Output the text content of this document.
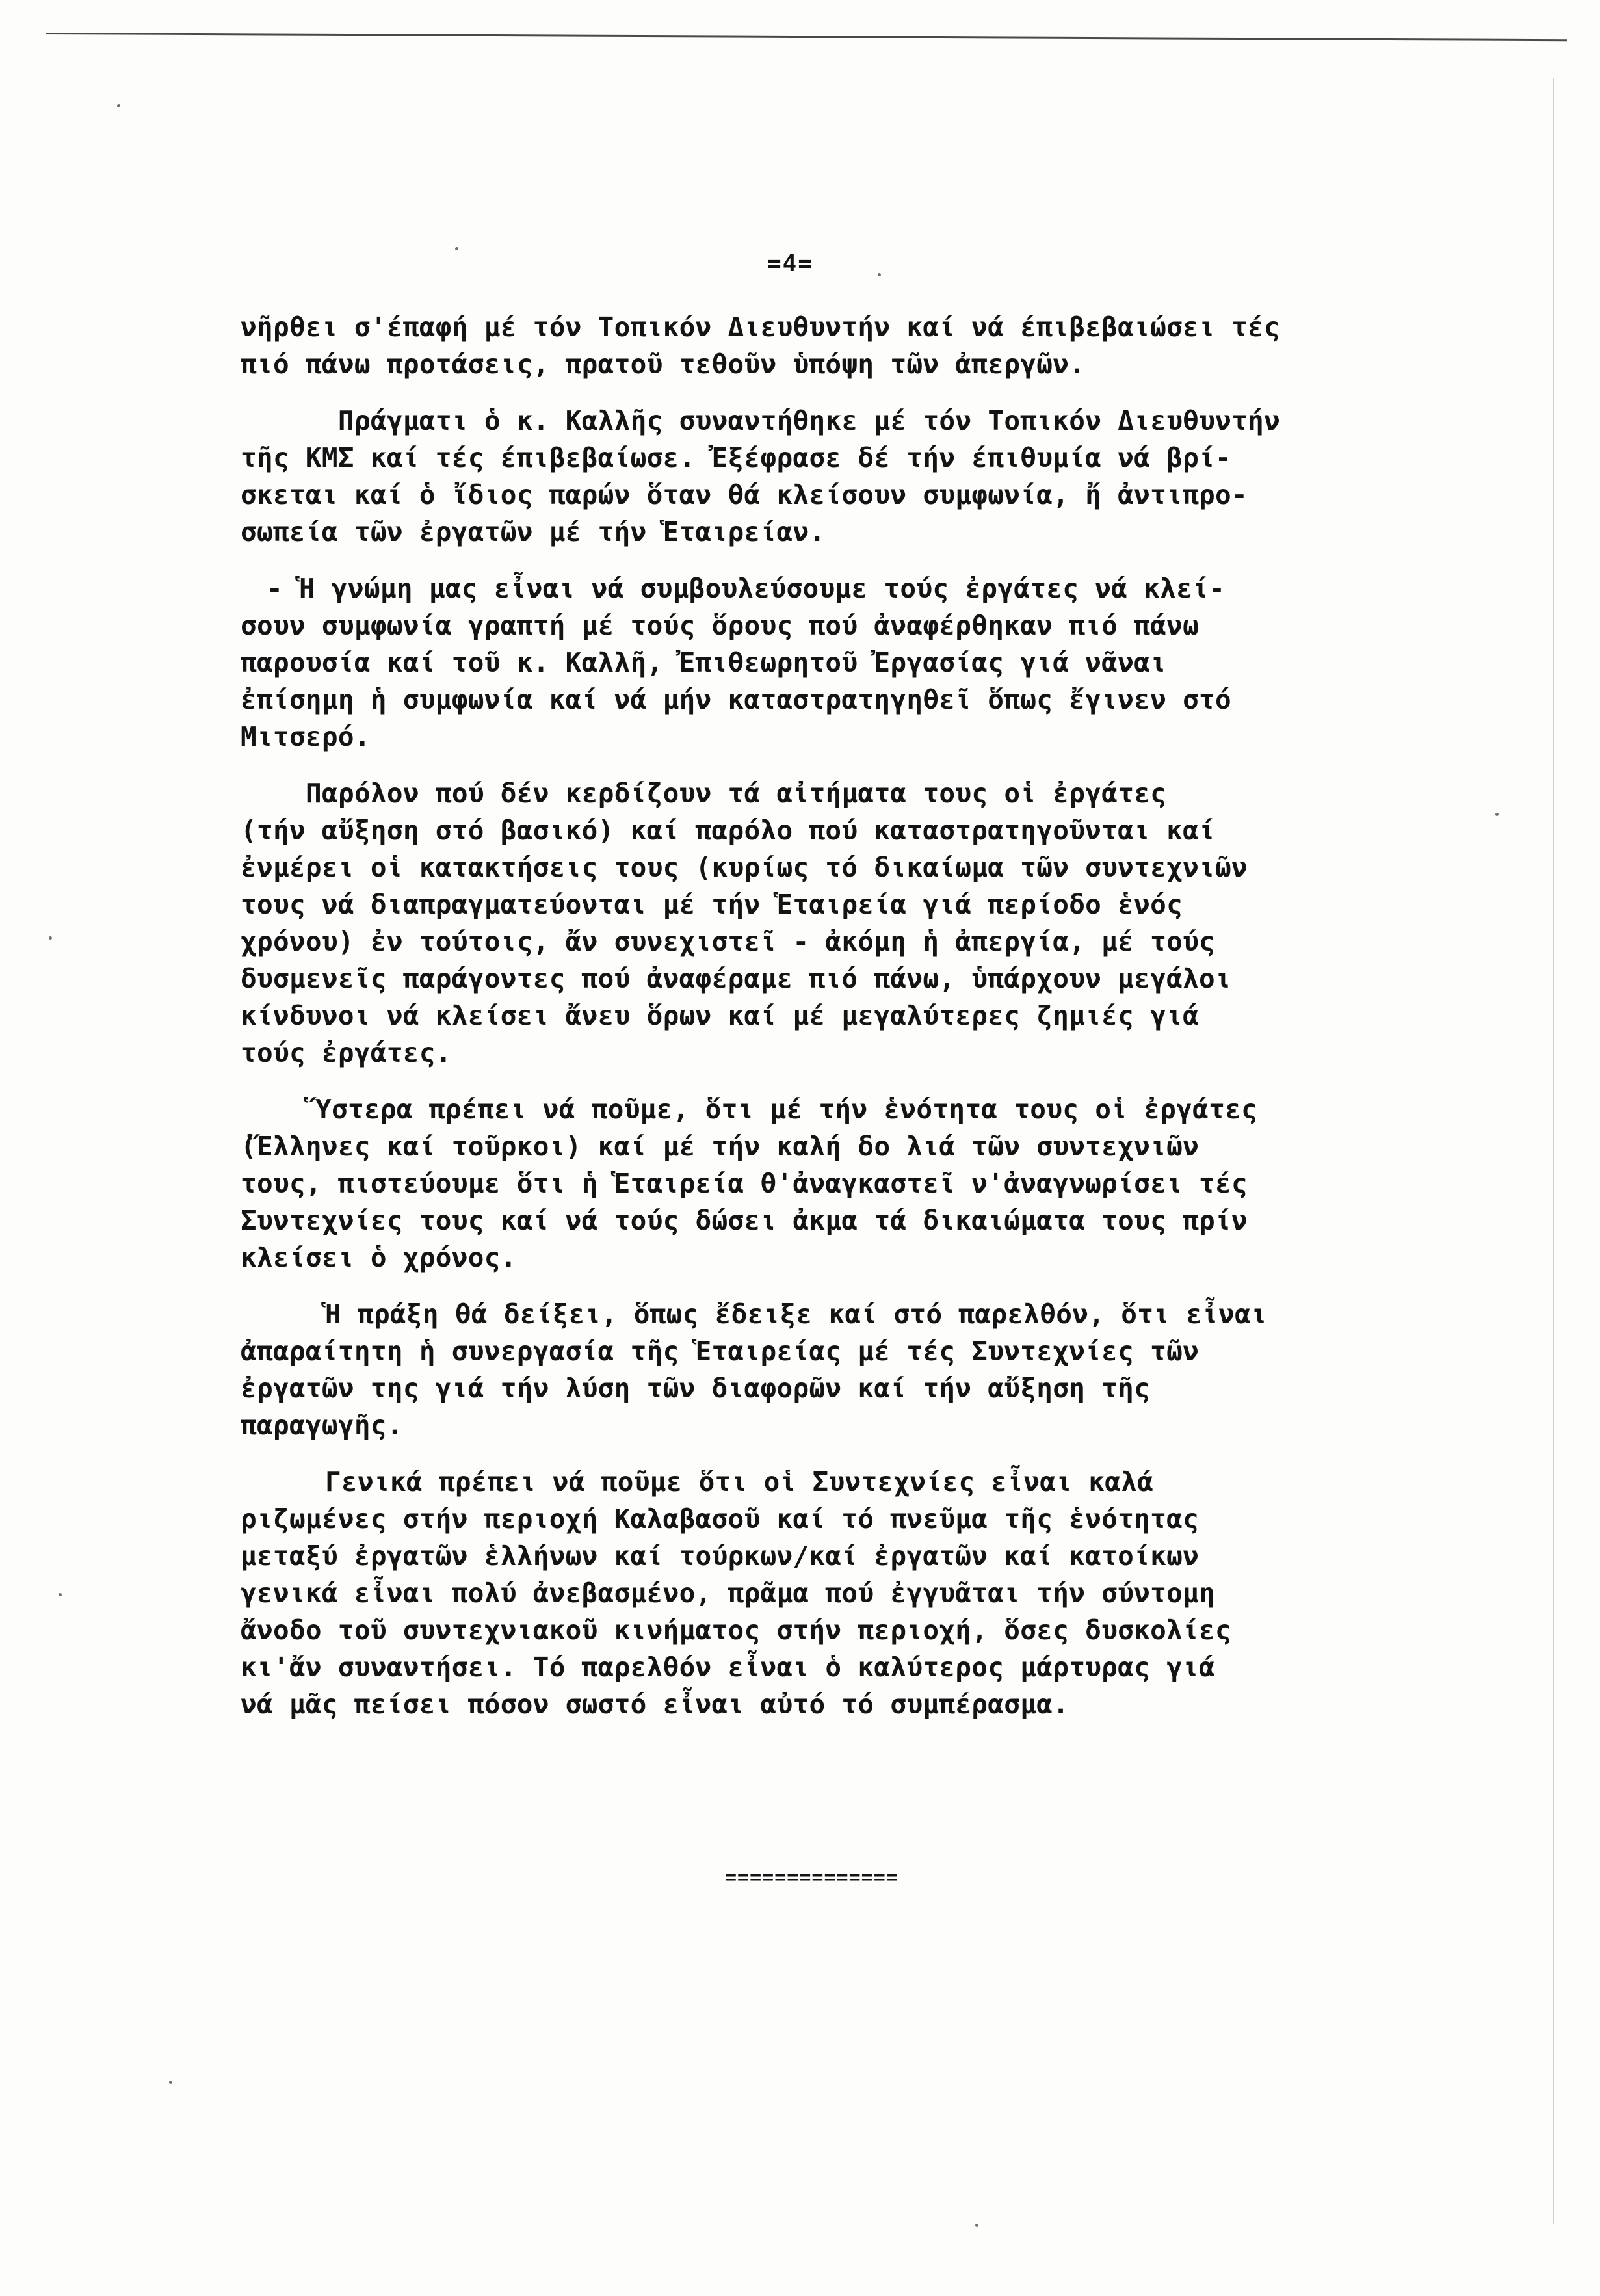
=4=

νῆρθει σ'έπαφή μέ τόν Τοπικόν Διευθυντήν καί νά έπιβεβαιώσει τές
πιό πάνω προτάσεις, πρατοῦ τεθοῦν ὑπόψη τῶν ἀπεργῶν.

Πράγματι ὁ κ. Καλλῆς συναντήθηκε μέ τόν Τοπικόν Διευθυντήν
τῆς ΚΜΣ καί τές έπιβεβαίωσε. Ἐξέφρασε δέ τήν έπιθυμία νά βρί-
σκεται καί ὁ ἴδιος παρών ὅταν θά κλείσουν συμφωνία, ἤ ἀντιπρο-
σωπεία τῶν ἐργατῶν μέ τήν Ἑταιρείαν.

- Ἡ γνώμη μας εἶναι νά συμβουλεύσουμε τούς ἐργάτες νά κλεί-
σουν συμφωνία γραπτή μέ τούς ὅρους πού ἀναφέρθηκαν πιό πάνω
παρουσία καί τοῦ κ. Καλλῆ, Ἐπιθεωρητοῦ Ἐργασίας γιά νᾶναι
ἐπίσημη ἡ συμφωνία καί νά μήν καταστρατηγηθεῖ ὅπως ἔγινεν στό
Μιτσερό.

Παρόλον πού δέν κερδίζουν τά αἰτήματα τους οἱ ἐργάτες
(τήν αὔξηση στό βασικό) καί παρόλο πού καταστρατηγοῦνται καί
ἐνμέρει οἱ κατακτήσεις τους (κυρίως τό δικαίωμα τῶν συντεχνιῶν
τους νά διαπραγματεύονται μέ τήν Ἑταιρεία γιά περίοδο ἑνός
χρόνου) ἐν τούτοις, ἄν συνεχιστεῖ - ἀκόμη ἡ ἀπεργία, μέ τούς
δυσμενεῖς παράγοντες πού ἀναφέραμε πιό πάνω, ὑπάρχουν μεγάλοι
κίνδυνοι νά κλείσει ἄνευ ὅρων καί μέ μεγαλύτερες ζημιές γιά
τούς ἐργάτες.

Ὕστερα πρέπει νά ποῦμε, ὅτι μέ τήν ἑνότητα τους οἱ ἐργάτες
(Ἕλληνες καί τοῦρκοι) καί μέ τήν καλή δο λιά τῶν συντεχνιῶν
τους, πιστεύουμε ὅτι ἡ Ἑταιρεία θ'ἀναγκαστεῖ ν'ἀναγνωρίσει τές
Συντεχνίες τους καί νά τούς δώσει ἀκμα τά δικαιώματα τους πρίν
κλείσει ὁ χρόνος.

Ἡ πράξη θά δείξει, ὅπως ἔδειξε καί στό παρελθόν, ὅτι εἶναι
ἀπαραίτητη ἡ συνεργασία τῆς Ἑταιρείας μέ τές Συντεχνίες τῶν
ἐργατῶν της γιά τήν λύση τῶν διαφορῶν καί τήν αὔξηση τῆς
παραγωγῆς.

Γενικά πρέπει νά ποῦμε ὅτι οἱ Συντεχνίες εἶναι καλά
ριζωμένες στήν περιοχή Καλαβασοῦ καί τό πνεῦμα τῆς ἑνότητας
μεταξύ ἐργατῶν ἑλλήνων καί τούρκων/καί ἐργατῶν καί κατοίκων
γενικά εἶναι πολύ ἀνεβασμένο, πρᾶμα πού ἐγγυᾶται τήν σύντομη
ἄνοδο τοῦ συντεχνιακοῦ κινήματος στήν περιοχή, ὅσες δυσκολίες
κι'ἄν συναντήσει. Τό παρελθόν εἶναι ὁ καλύτερος μάρτυρας γιά
νά μᾶς πείσει πόσον σωστό εἶναι αὐτό τό συμπέρασμα.

==============
